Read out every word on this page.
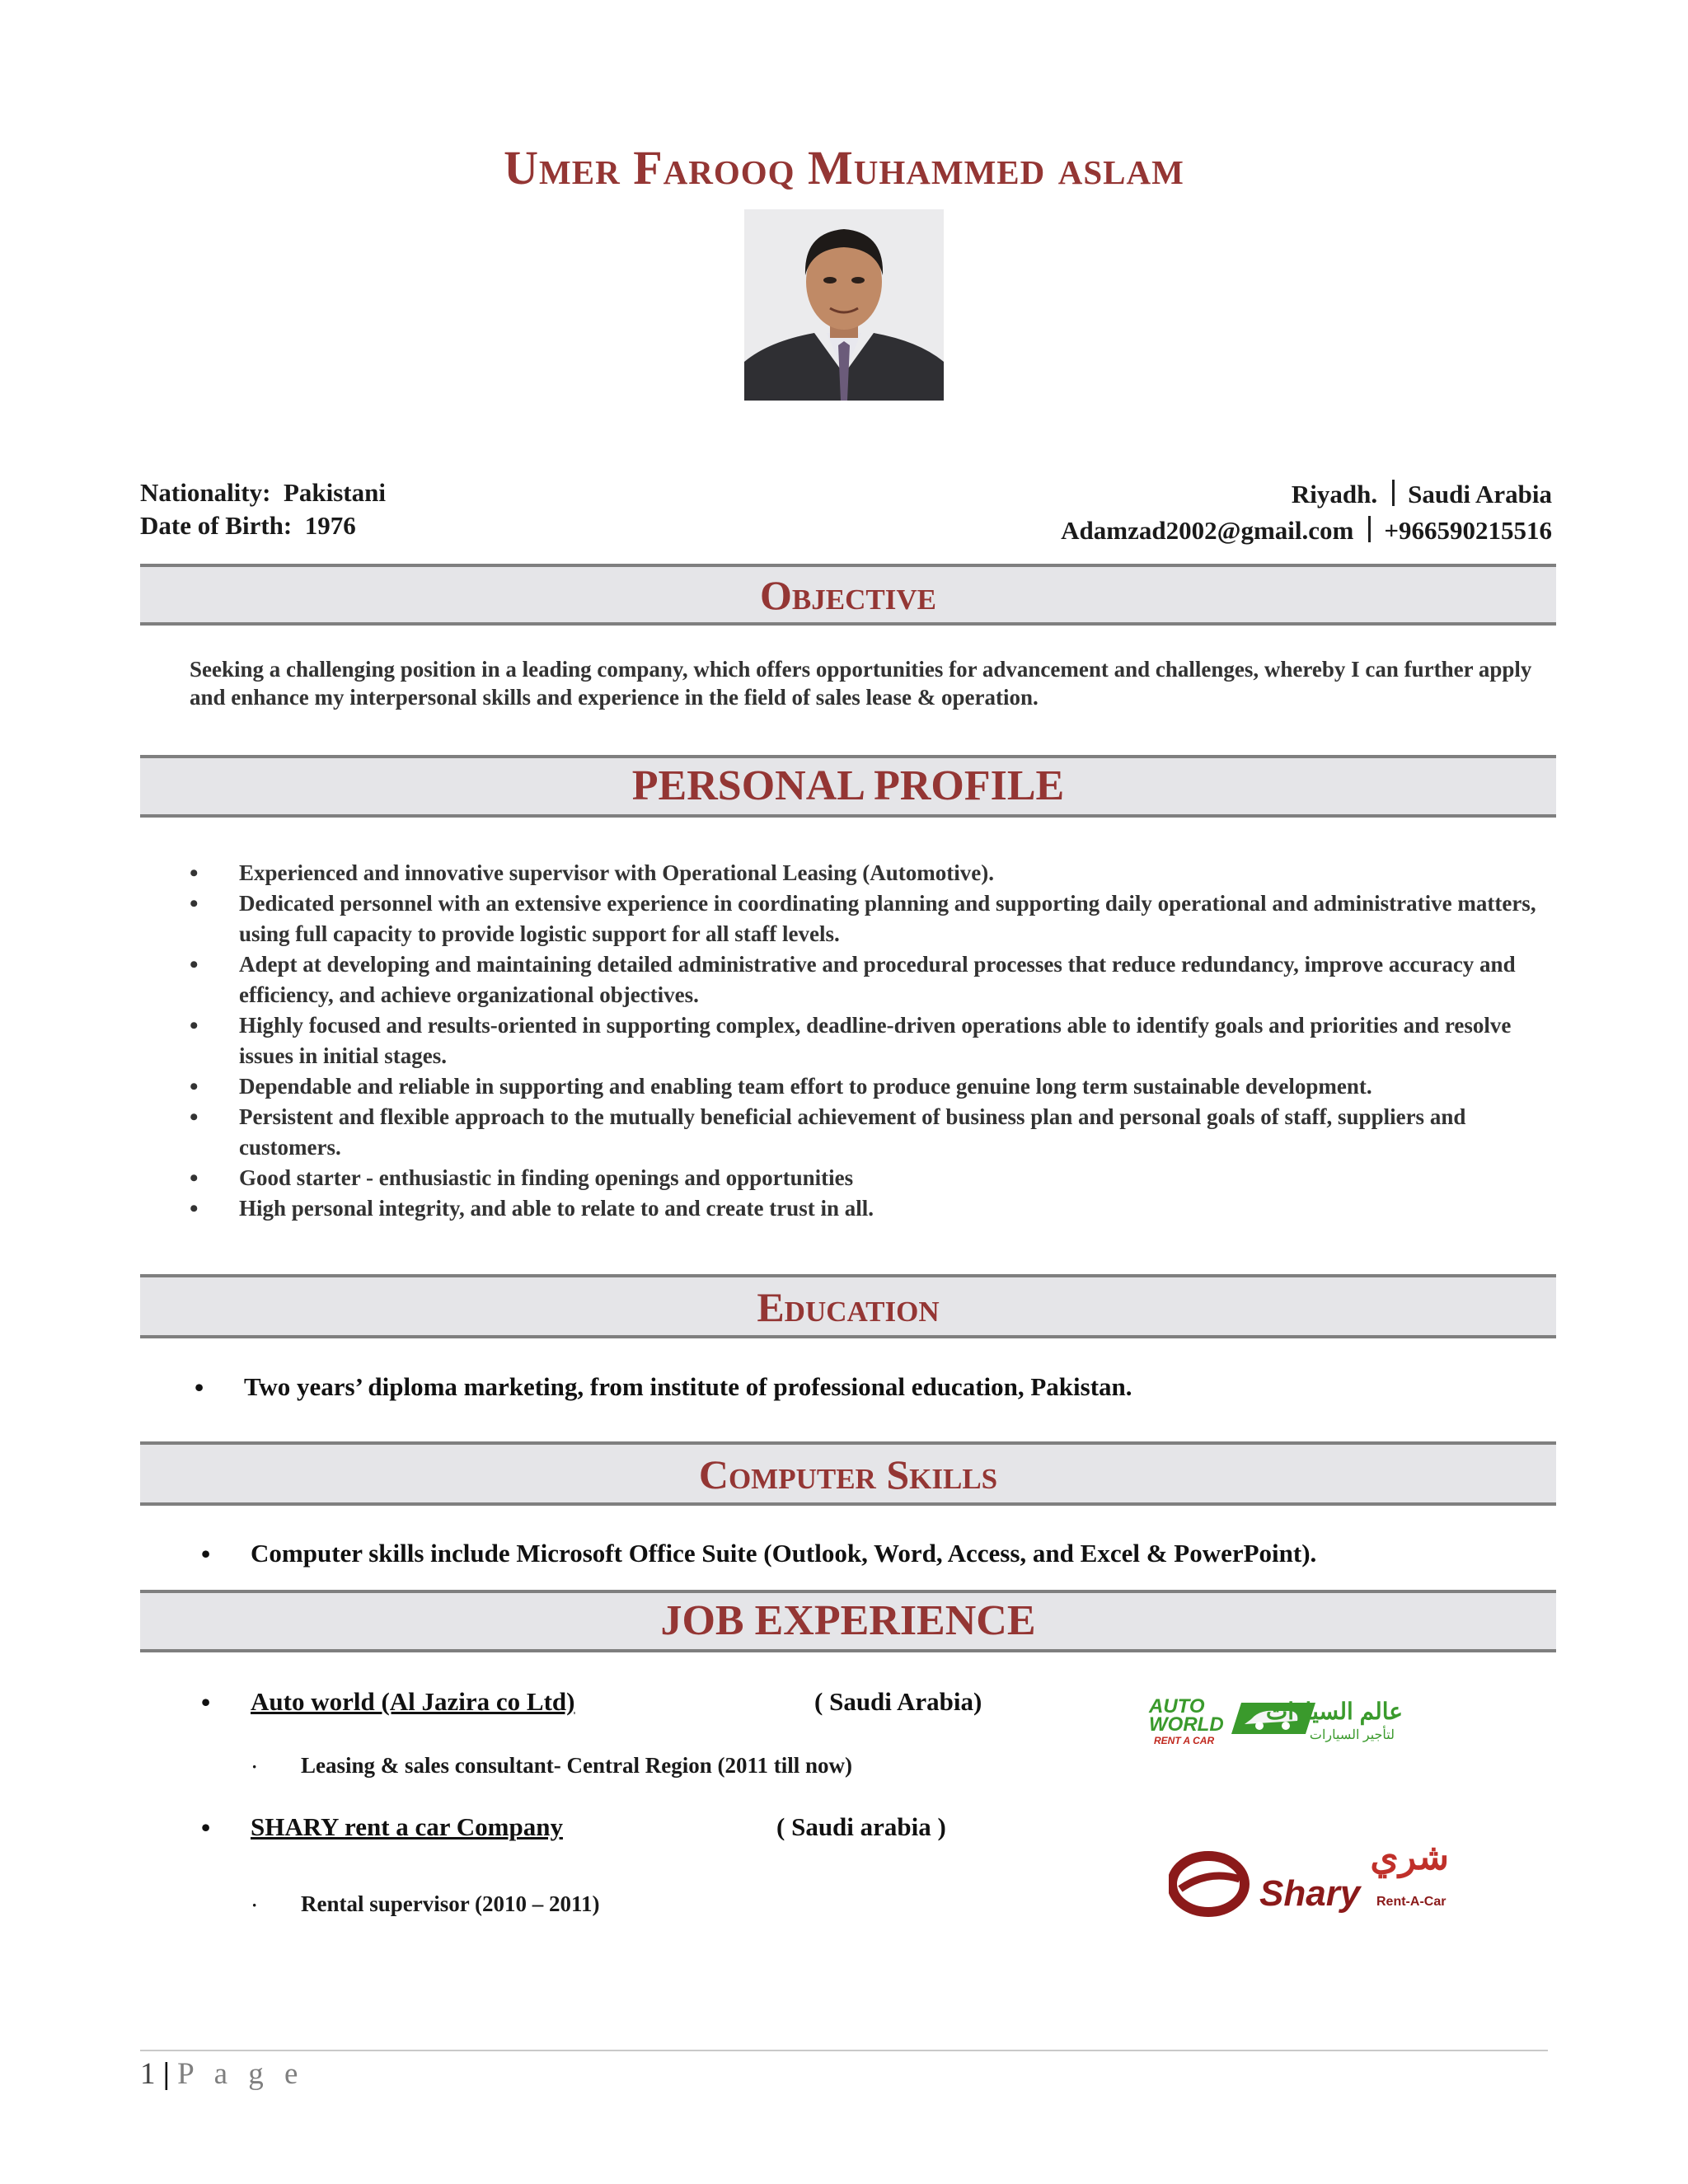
Umer Farooq Muhammed aslam
Nationality: Pakistani
Date of Birth: 1976
Riyadh. Saudi Arabia
Adamzad2002@gmail.com +966590215516
Objective
Seeking a challenging position in a leading company, which offers opportunities for advancement and challenges, whereby I can further apply and enhance my interpersonal skills and experience in the field of sales lease & operation.
PERSONAL PROFILE
• Experienced and innovative supervisor with Operational Leasing (Automotive).
• Dedicated personnel with an extensive experience in coordinating planning and supporting daily operational and administrative matters, using full capacity to provide logistic support for all staff levels.
• Adept at developing and maintaining detailed administrative and procedural processes that reduce redundancy, improve accuracy and efficiency, and achieve organizational objectives.
• Highly focused and results-oriented in supporting complex, deadline-driven operations able to identify goals and priorities and resolve issues in initial stages.
• Dependable and reliable in supporting and enabling team effort to produce genuine long term sustainable development.
• Persistent and flexible approach to the mutually beneficial achievement of business plan and personal goals of staff, suppliers and customers.
• Good starter - enthusiastic in finding openings and opportunities
• High personal integrity, and able to relate to and create trust in all.
Education
• Two years’ diploma marketing, from institute of professional education, Pakistan.
Computer Skills
• Computer skills include Microsoft Office Suite (Outlook, Word, Access, and Excel & PowerPoint).
JOB EXPERIENCE
• Auto world (Al Jazira co Ltd)	( Saudi Arabia)
· Leasing & sales consultant- Central Region (2011 till now)
• SHARY rent a car Company	( Saudi arabia )
· Rental supervisor (2010 – 2011)
AUTO
WORLD
RENT A CAR
عالم السيارات
لتأجير السيارات
شري
Shary Rent-A-Car
1 | P a g e
